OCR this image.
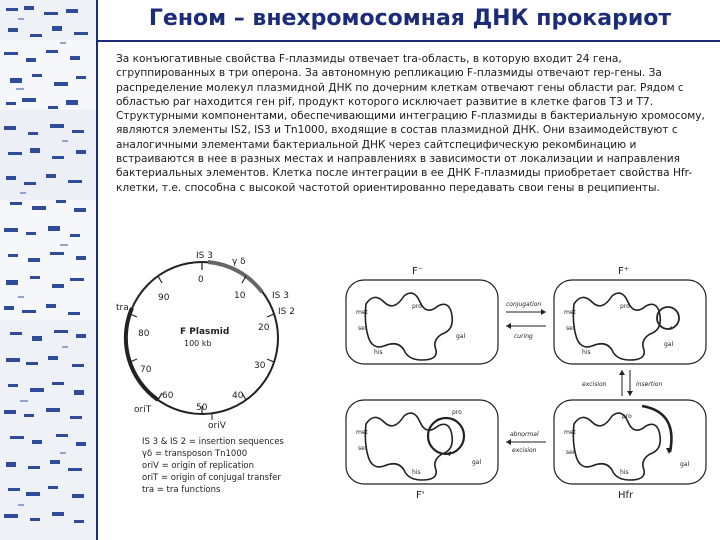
Геном – внехромосомная ДНК прокариот

За конъюгативные свойства F-плазмиды отвечает tra-область, в которую входит 24 гена, сгруппированных в три оперона. За автономную репликацию F-плазмиды отвечают rep-гены. За распределение молекул плазмидной ДНК по дочерним клеткам отвечают гены области par. Рядом с областью par находится ген pif, продукт которого исключает развитие в клетке фагов T3 и T7. Структурными компонентами, обеспечивающими интеграцию F-плазмиды в бактериальную хромосому, являются элементы IS2, IS3 и Tn1000, входящие в состав плазмидной ДНК. Они взаимодействуют с аналогичными элементами бактериальной ДНК через сайтспецифическую рекомбинацию и встраиваются в нее в разных местах и направлениях в зависимости от локализации и направления бактериальных элементов. Клетка после интеграции в ее ДНК F-плазмиды приобретает свойства Hfr-клетки, т.е. способна с высокой частотой ориентированно передавать свои гены в реципиенты.

0
10
20
30
40
50
60
70
80
90
F Plasmid
100 kb
IS 3
γ δ
IS 3
IS 2
tra
oriT
oriV
IS 3 & IS 2 = insertion sequences
γδ = transposon Tn1000
oriV = origin of replication
oriT = origin of conjugal transfer
tra = tra functions
F⁻	F⁺
pro
met
ser
gal
his
pro
met
ser
gal
his
conjugation
curing
excision	insertion
pro
met
ser
gal
his
pro
met
ser
gal
his
abnormal
excision
F'	Hfr
